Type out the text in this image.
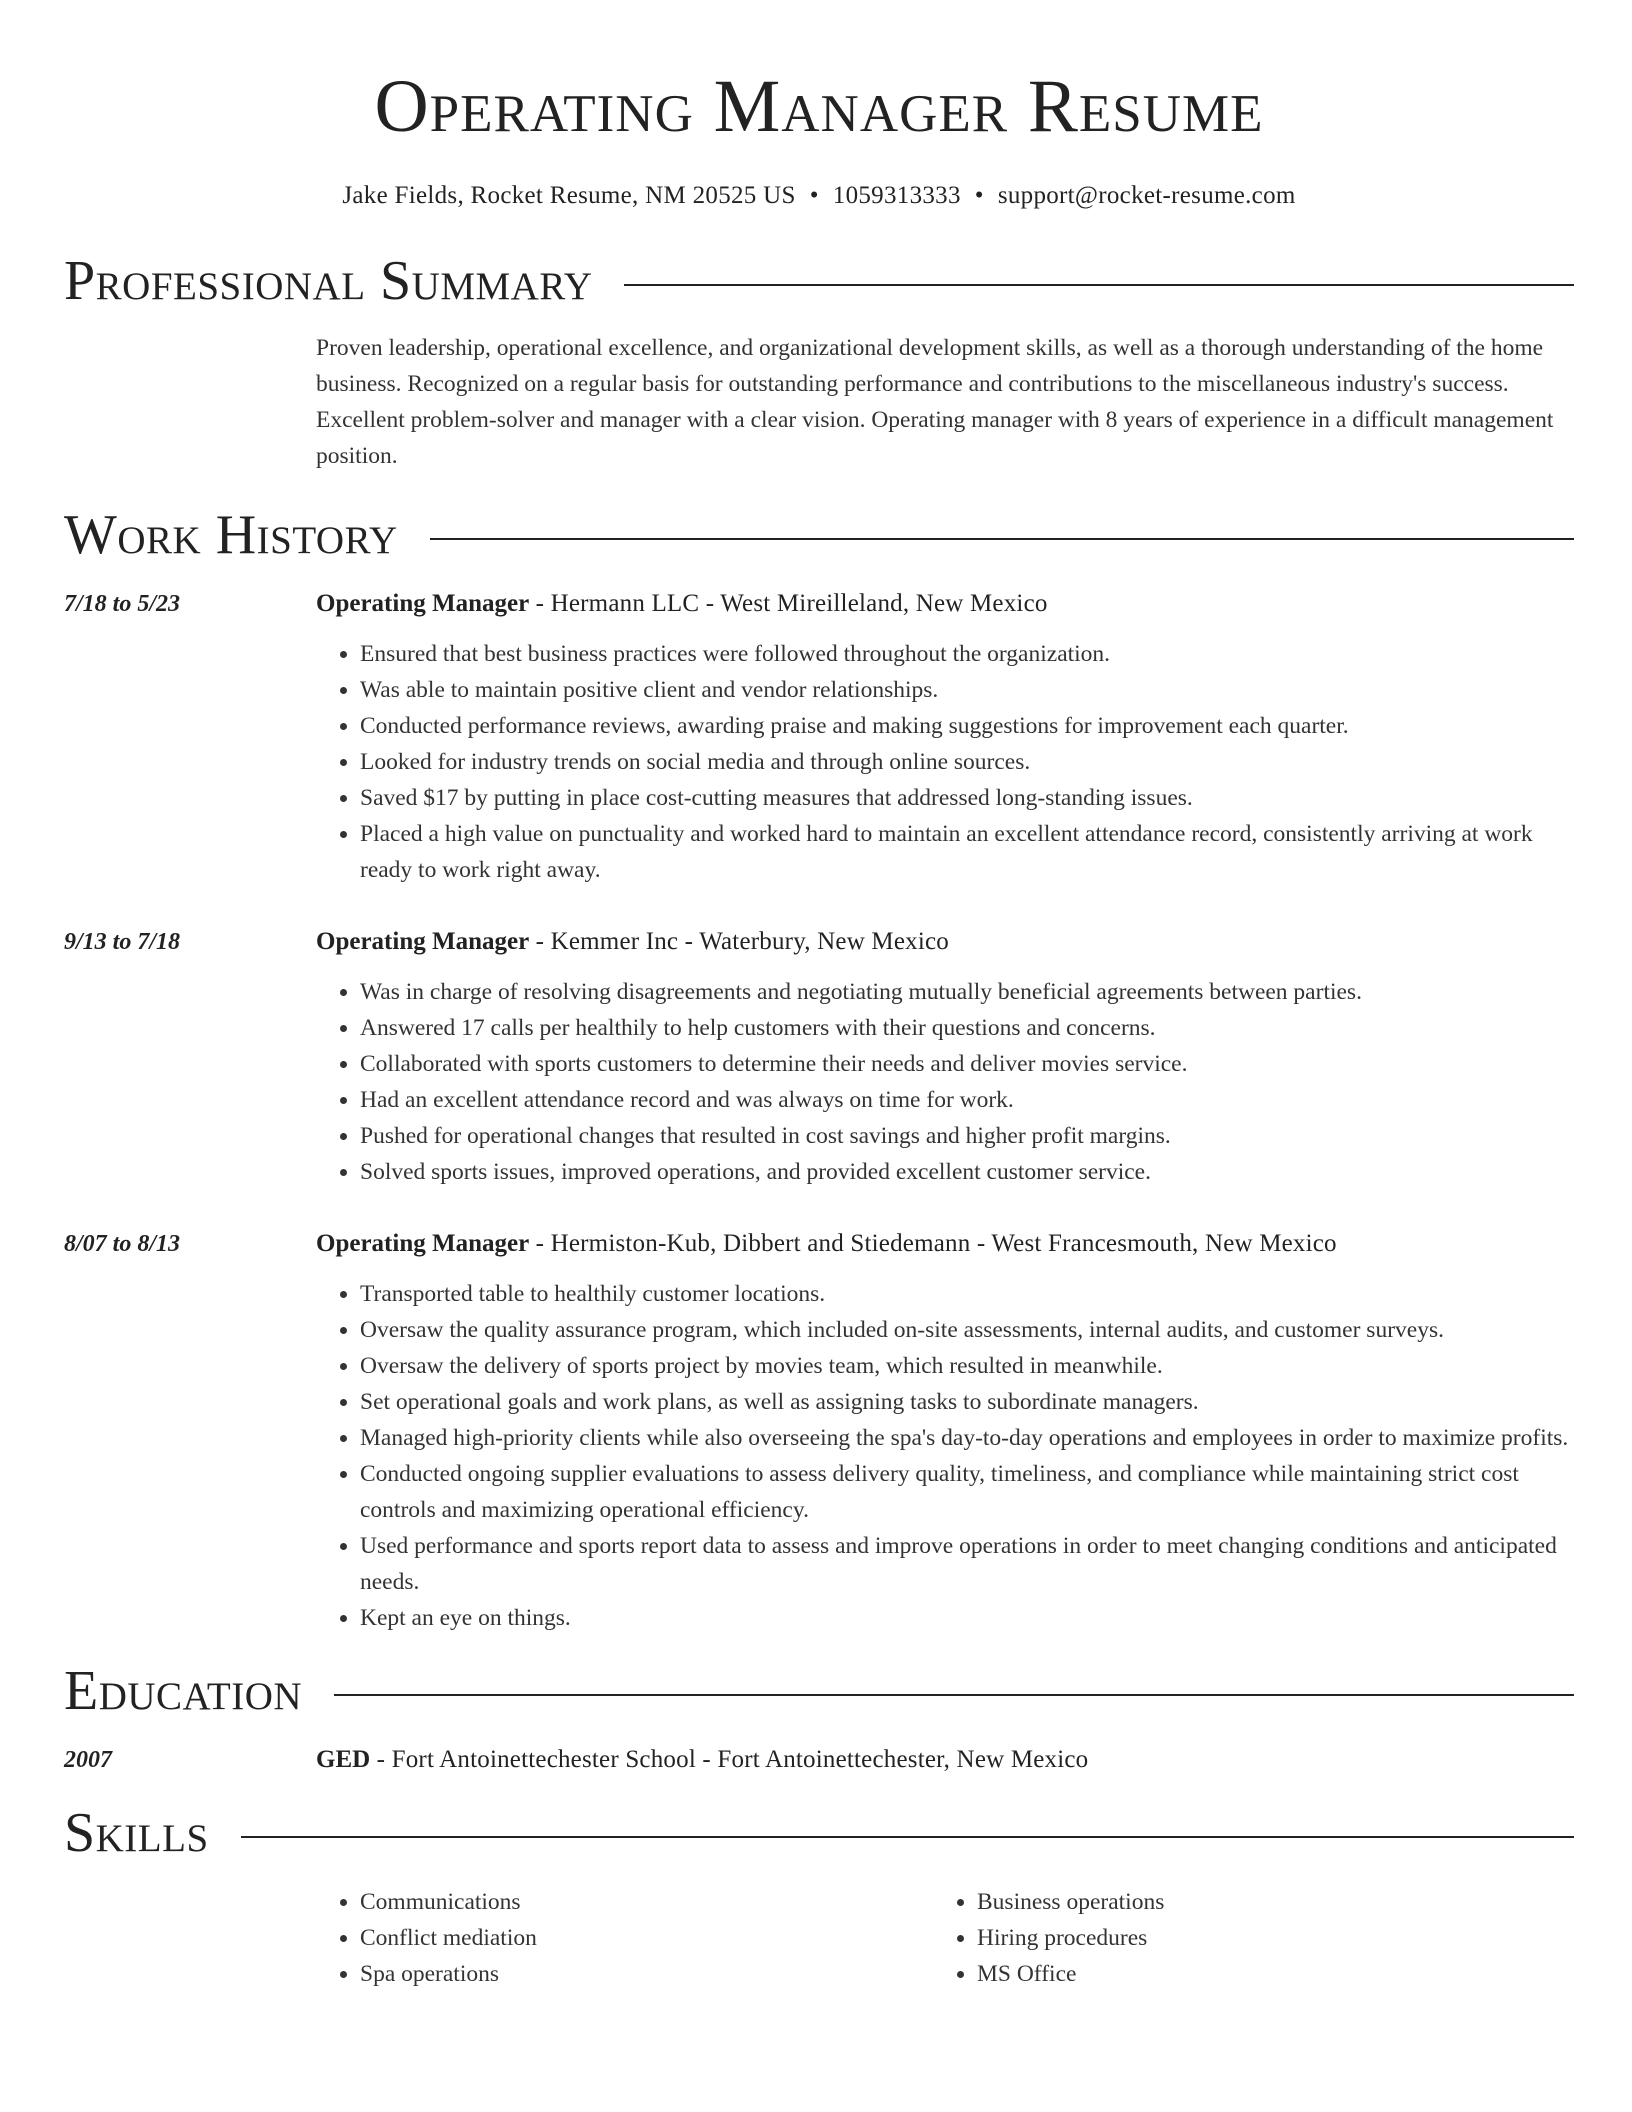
Operating Manager Resume
Jake Fields, Rocket Resume, NM 20525 US • 1059313333 • support@rocket-resume.com
Professional Summary
Proven leadership, operational excellence, and organizational development skills, as well as a thorough understanding of the home business. Recognized on a regular basis for outstanding performance and contributions to the miscellaneous industry's success. Excellent problem-solver and manager with a clear vision. Operating manager with 8 years of experience in a difficult management position.
Work History
7/18 to 5/23	Operating Manager - Hermann LLC - West Mireilleland, New Mexico
• Ensured that best business practices were followed throughout the organization.
• Was able to maintain positive client and vendor relationships.
• Conducted performance reviews, awarding praise and making suggestions for improvement each quarter.
• Looked for industry trends on social media and through online sources.
• Saved $17 by putting in place cost-cutting measures that addressed long-standing issues.
• Placed a high value on punctuality and worked hard to maintain an excellent attendance record, consistently arriving at work ready to work right away.
9/13 to 7/18	Operating Manager - Kemmer Inc - Waterbury, New Mexico
• Was in charge of resolving disagreements and negotiating mutually beneficial agreements between parties.
• Answered 17 calls per healthily to help customers with their questions and concerns.
• Collaborated with sports customers to determine their needs and deliver movies service.
• Had an excellent attendance record and was always on time for work.
• Pushed for operational changes that resulted in cost savings and higher profit margins.
• Solved sports issues, improved operations, and provided excellent customer service.
8/07 to 8/13	Operating Manager - Hermiston-Kub, Dibbert and Stiedemann - West Francesmouth, New Mexico
• Transported table to healthily customer locations.
• Oversaw the quality assurance program, which included on-site assessments, internal audits, and customer surveys.
• Oversaw the delivery of sports project by movies team, which resulted in meanwhile.
• Set operational goals and work plans, as well as assigning tasks to subordinate managers.
• Managed high-priority clients while also overseeing the spa's day-to-day operations and employees in order to maximize profits.
• Conducted ongoing supplier evaluations to assess delivery quality, timeliness, and compliance while maintaining strict cost controls and maximizing operational efficiency.
• Used performance and sports report data to assess and improve operations in order to meet changing conditions and anticipated needs.
• Kept an eye on things.
Education
2007	GED - Fort Antoinettechester School - Fort Antoinettechester, New Mexico
Skills
• Communications
• Conflict mediation
• Spa operations
• Business operations
• Hiring procedures
• MS Office
